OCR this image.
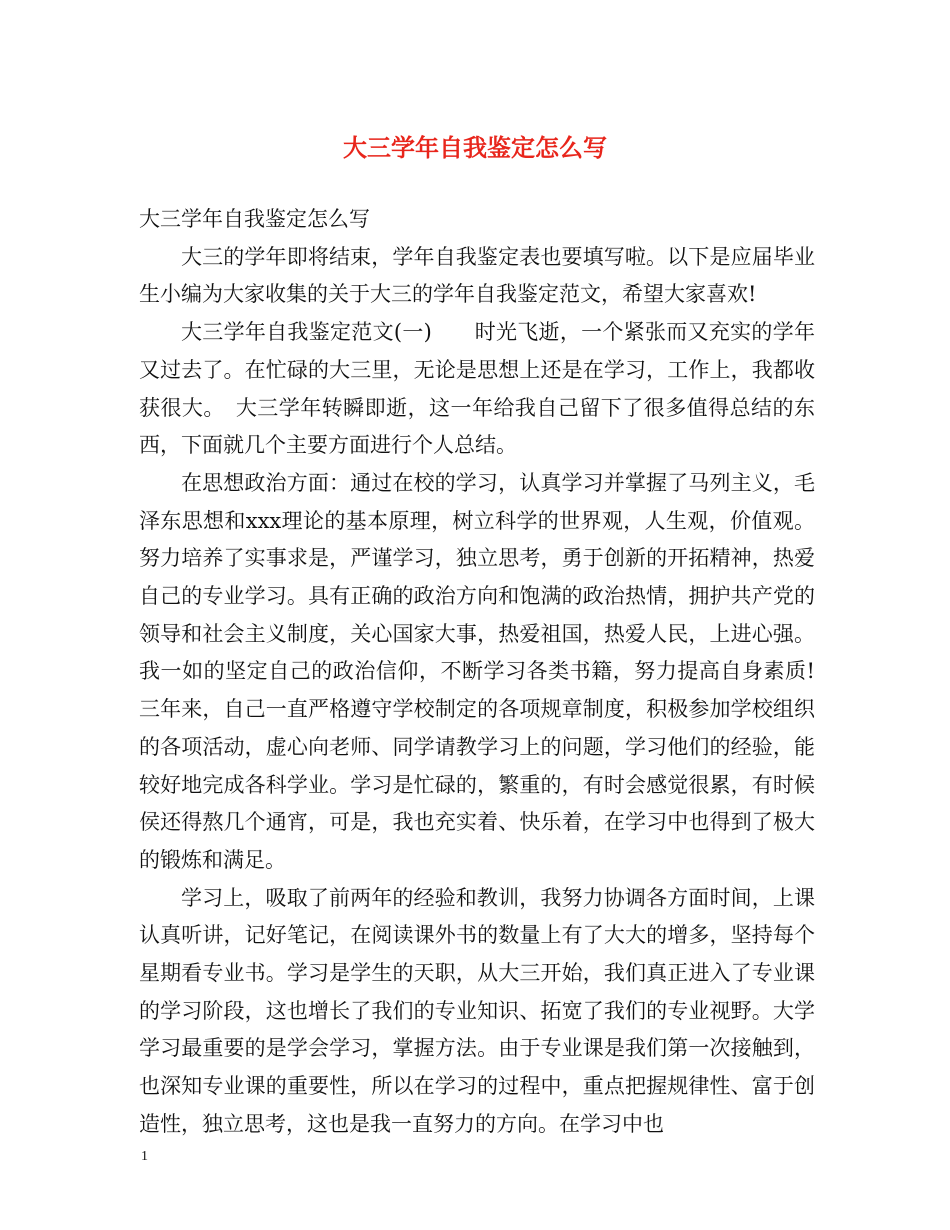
大三学年自我鉴定怎么写

大三学年自我鉴定怎么写

大三的学年即将结束，学年自我鉴定表也要填写啦。以下是应届毕业生小编为大家收集的关于大三的学年自我鉴定范文，希望大家喜欢!

大三学年自我鉴定范文(一)　　时光飞逝，一个紧张而又充实的学年又过去了。在忙碌的大三里，无论是思想上还是在学习，工作上，我都收获很大。　大三学年转瞬即逝，这一年给我自己留下了很多值得总结的东西，下面就几个主要方面进行个人总结。

在思想政治方面：通过在校的学习，认真学习并掌握了马列主义，毛泽东思想和xxx理论的基本原理，树立科学的世界观，人生观，价值观。努力培养了实事求是，严谨学习，独立思考，勇于创新的开拓精神，热爱自己的专业学习。具有正确的政治方向和饱满的政治热情，拥护共产党的领导和社会主义制度，关心国家大事，热爱祖国，热爱人民，上进心强。我一如的坚定自己的政治信仰，不断学习各类书籍，努力提高自身素质!三年来，自己一直严格遵守学校制定的各项规章制度，积极参加学校组织的各项活动，虚心向老师、同学请教学习上的问题，学习他们的经验，能较好地完成各科学业。学习是忙碌的，繁重的，有时会感觉很累，有时候侯还得熬几个通宵，可是，我也充实着、快乐着，在学习中也得到了极大的锻炼和满足。

学习上，吸取了前两年的经验和教训，我努力协调各方面时间，上课认真听讲，记好笔记，在阅读课外书的数量上有了大大的增多，坚持每个星期看专业书。学习是学生的天职，从大三开始，我们真正进入了专业课的学习阶段，这也增长了我们的专业知识、拓宽了我们的专业视野。大学学习最重要的是学会学习，掌握方法。由于专业课是我们第一次接触到，也深知专业课的重要性，所以在学习的过程中，重点把握规律性、富于创造性，独立思考，这也是我一直努力的方向。在学习中也

1
